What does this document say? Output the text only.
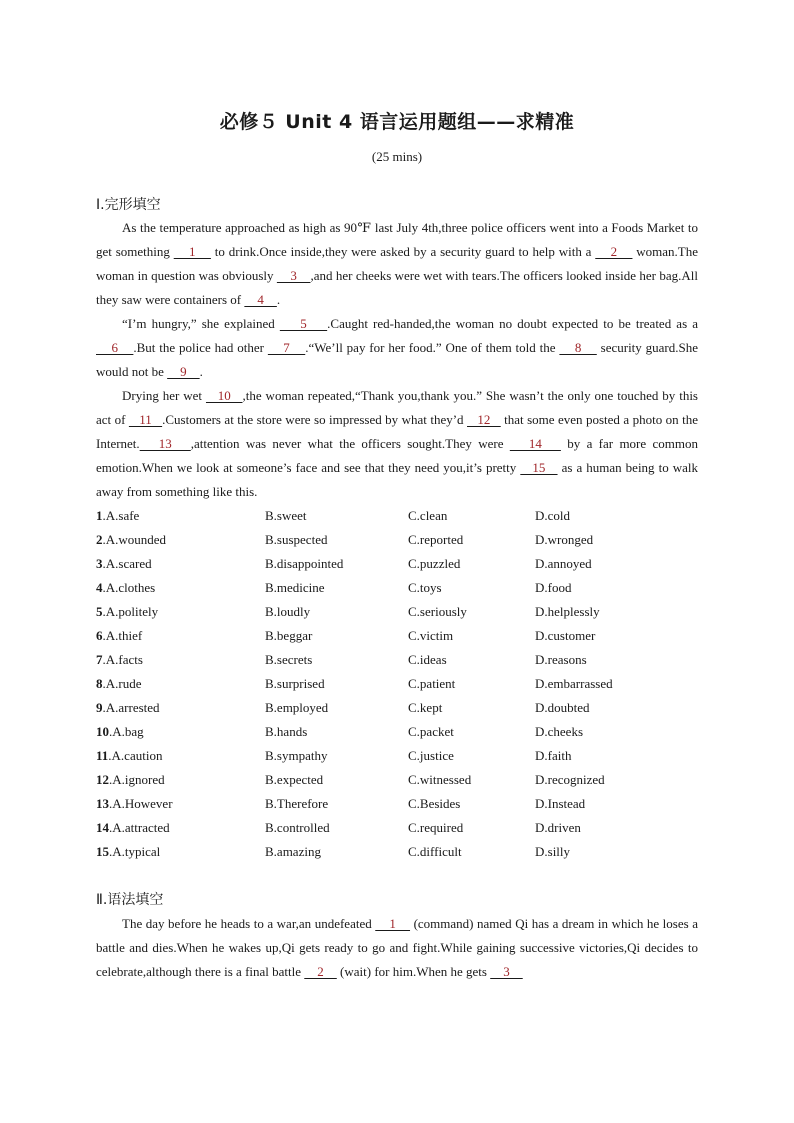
必修５ Unit 4 语言运用题组——求精准
(25 mins)
Ⅰ.完形填空

As the temperature approached as high as 90℉ last July 4th,three police officers went into a Foods Market to get something     1     to drink.Once inside,they were asked by a security guard to help with a     2     woman.The woman in question was obviously     3    ,and her cheeks were wet with tears.The officers looked inside her bag.All they saw were containers of     4    .

“I’m hungry,” she explained     5    .Caught red-handed,the woman no doubt expected to be treated as a     6    .But the police had other     7    .“We’ll pay for her food.” One of them told the     8     security guard.She would not be     9    .

Drying her wet    10   ,the woman repeated,“Thank you,thank you.” She wasn’t the only one touched by this act of    11   .Customers at the store were so impressed by what they’d    12    that some even posted a photo on the Internet.   13   ,attention was never what the officers sought.They were    14    by a far more common emotion.When we look at someone’s face and see that they need you,it’s pretty    15    as a human being to walk away from something like this.

1.A.safe	B.sweet	C.clean	D.cold
2.A.wounded	B.suspected	C.reported	D.wronged
3.A.scared	B.disappointed	C.puzzled	D.annoyed
4.A.clothes	B.medicine	C.toys	D.food
5.A.politely	B.loudly	C.seriously	D.helplessly
6.A.thief	B.beggar	C.victim	D.customer
7.A.facts	B.secrets	C.ideas	D.reasons
8.A.rude	B.surprised	C.patient	D.embarrassed
9.A.arrested	B.employed	C.kept	D.doubted
10.A.bag	B.hands	C.packet	D.cheeks
11.A.caution	B.sympathy	C.justice	D.faith
12.A.ignored	B.expected	C.witnessed	D.recognized
13.A.However	B.Therefore	C.Besides	D.Instead
14.A.attracted	B.controlled	C.required	D.driven
15.A.typical	B.amazing	C.difficult	D.silly
Ⅱ.语法填空

The day before he heads to a war,an undefeated     1     (command) named Qi has a dream in which he loses a battle and dies.When he wakes up,Qi gets ready to go and fight.While gaining successive victories,Qi decides to celebrate,although there is a final battle     2     (wait) for him.When he gets     3
